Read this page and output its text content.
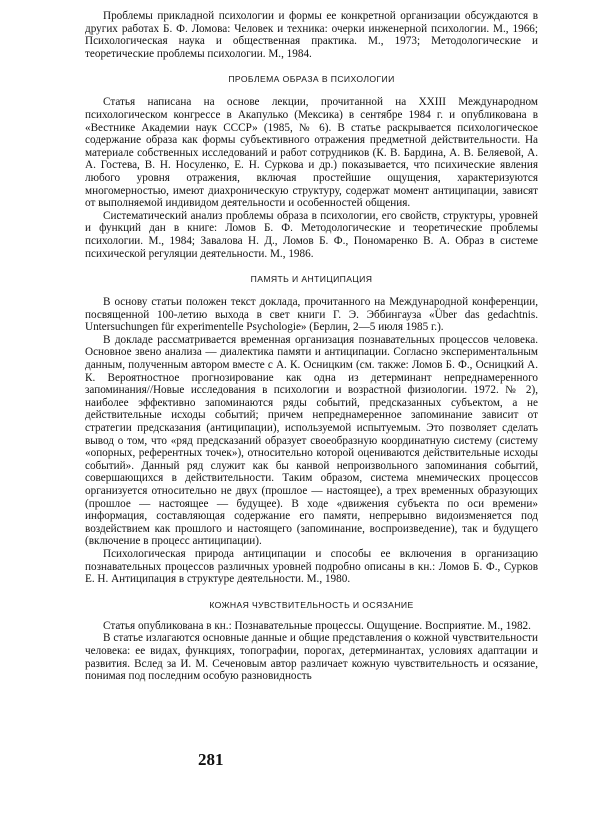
Проблемы прикладной психологии и формы ее конкретной организации обсуждаются в других работах Б. Ф. Ломова: Человек и техника: очерки инженерной психологии. М., 1966; Психологическая наука и общественная практика. М., 1973; Методологические и теоретические проблемы психологии. М., 1984.

ПРОБЛЕМА ОБРАЗА В ПСИХОЛОГИИ

Статья написана на основе лекции, прочитанной на XXIII Международном психологическом конгрессе в Акапулько (Мексика) в сентябре 1984 г. и опубликована в «Вестнике Академии наук СССР» (1985, № 6). В статье раскрывается психологическое содержание образа как формы субъективного отражения предметной действительности. На материале собственных исследований и работ сотрудников (К. В. Бардина, А. В. Беляевой, А. А. Гостева, В. Н. Носуленко, Е. Н. Суркова и др.) показывается, что психические явления любого уровня отражения, включая простейшие ощущения, характеризуются многомерностью, имеют диахроническую структуру, содержат момент антиципации, зависят от выполняемой индивидом деятельности и особенностей общения.

Систематический анализ проблемы образа в психологии, его свойств, структуры, уровней и функций дан в книге: Ломов Б. Ф. Методологические и теоретические проблемы психологии. М., 1984; Завалова Н. Д., Ломов Б. Ф., Пономаренко В. А. Образ в системе психической регуляции деятельности. М., 1986.

ПАМЯТЬ И АНТИЦИПАЦИЯ

В основу статьи положен текст доклада, прочитанного на Международной конференции, посвященной 100-летию выхода в свет книги Г. Э. Эббингауза «Über das gedachtnis. Untersuchungen für experimentelle Psychologie» (Берлин, 2—5 июля 1985 г.).

В докладе рассматривается временная организация познавательных процессов человека. Основное звено анализа — диалектика памяти и антиципации. Согласно экспериментальным данным, полученным автором вместе с А. К. Осницким (см. также: Ломов Б. Ф., Осницкий А. К. Вероятностное прогнозирование как одна из детерминант непреднамеренного запоминания//Новые исследования в психологии и возрастной физиологии. 1972. № 2), наиболее эффективно запоминаются ряды событий, предсказанных субъектом, а не действительные исходы событий; причем непреднамеренное запоминание зависит от стратегии предсказания (антиципации), используемой испытуемым. Это позволяет сделать вывод о том, что «ряд предсказаний образует своеобразную координатную систему (систему «опорных, референтных точек»), относительно которой оцениваются действительные исходы событий». Данный ряд служит как бы канвой непроизвольного запоминания событий, совершающихся в действительности. Таким образом, система мнемических процессов организуется относительно не двух (прошлое — настоящее), а трех временных образующих (прошлое — настоящее — будущее). В ходе «движения субъекта по оси времени» информация, составляющая содержание его памяти, непрерывно видоизменяется под воздействием как прошлого и настоящего (запоминание, воспроизведение), так и будущего (включение в процесс антиципации).

Психологическая природа антиципации и способы ее включения в организацию познавательных процессов различных уровней подробно описаны в кн.: Ломов Б. Ф., Сурков Е. Н. Антиципация в структуре деятельности. М., 1980.

КОЖНАЯ ЧУВСТВИТЕЛЬНОСТЬ И ОСЯЗАНИЕ

Статья опубликована в кн.: Познавательные процессы. Ощущение. Восприятие. М., 1982.

В статье излагаются основные данные и общие представления о кожной чувствительности человека: ее видах, функциях, топографии, порогах, детерминантах, условиях адаптации и развития. Вслед за И. М. Сеченовым автор различает кожную чувствительность и осязание, понимая под последним особую разновидность

281
